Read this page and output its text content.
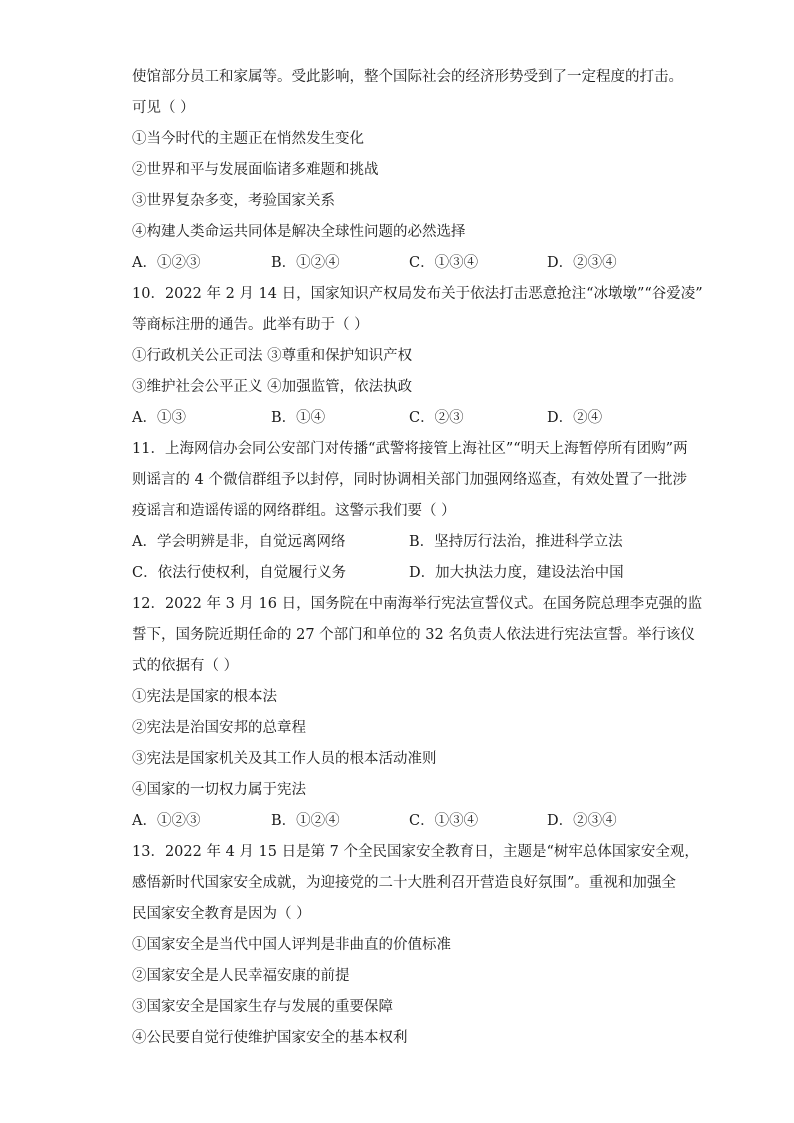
使馆部分员工和家属等。受此影响，整个国际社会的经济形势受到了一定程度的打击。
可见（ ）
①当今时代的主题正在悄然发生变化
②世界和平与发展面临诸多难题和挑战
③世界复杂多变，考验国家关系
④构建人类命运共同体是解决全球性问题的必然选择
A．①②③	B．①②④	C．①③④	D．②③④
10．2022 年 2 月 14 日，国家知识产权局发布关于依法打击恶意抢注“冰墩墩”“谷爱凌”
等商标注册的通告。此举有助于（ ）
①行政机关公正司法 ③尊重和保护知识产权
③维护社会公平正义 ④加强监管，依法执政
A．①③	B．①④	C．②③	D．②④
11．上海网信办会同公安部门对传播“武警将接管上海社区”“明天上海暂停所有团购”两
则谣言的 4 个微信群组予以封停，同时协调相关部门加强网络巡查，有效处置了一批涉
疫谣言和造谣传谣的网络群组。这警示我们要（ ）
A．学会明辨是非，自觉远离网络	B．坚持厉行法治，推进科学立法
C．依法行使权利，自觉履行义务	D．加大执法力度，建设法治中国
12．2022 年 3 月 16 日，国务院在中南海举行宪法宣誓仪式。在国务院总理李克强的监
誓下，国务院近期任命的 27 个部门和单位的 32 名负责人依法进行宪法宣誓。举行该仪
式的依据有（ ）
①宪法是国家的根本法
②宪法是治国安邦的总章程
③宪法是国家机关及其工作人员的根本活动准则
④国家的一切权力属于宪法
A．①②③	B．①②④	C．①③④	D．②③④
13．2022 年 4 月 15 日是第 7 个全民国家安全教育日，主题是“树牢总体国家安全观，
感悟新时代国家安全成就，为迎接党的二十大胜利召开营造良好氛围”。重视和加强全
民国家安全教育是因为（ ）
①国家安全是当代中国人评判是非曲直的价值标准
②国家安全是人民幸福安康的前提
③国家安全是国家生存与发展的重要保障
④公民要自觉行使维护国家安全的基本权利
